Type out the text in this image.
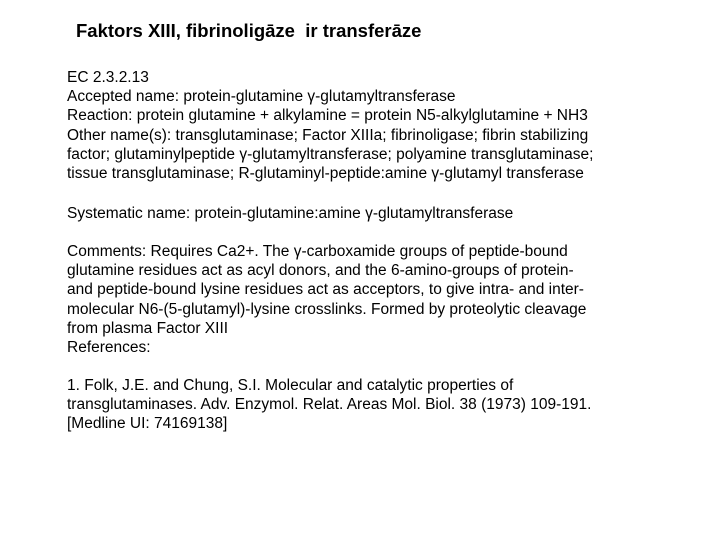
Faktors XIII, fibrinoligāze  ir transferāze
EC 2.3.2.13
Accepted name: protein-glutamine γ-glutamyltransferase
Reaction: protein glutamine + alkylamine = protein N5-alkylglutamine + NH3
Other name(s): transglutaminase; Factor XIIIa; fibrinoligase; fibrin stabilizing
factor; glutaminylpeptide γ-glutamyltransferase; polyamine transglutaminase;
tissue transglutaminase; R-glutaminyl-peptide:amine γ-glutamyl transferase
Systematic name: protein-glutamine:amine γ-glutamyltransferase
Comments: Requires Ca2+. The γ-carboxamide groups of peptide-bound
glutamine residues act as acyl donors, and the 6-amino-groups of protein-
and peptide-bound lysine residues act as acceptors, to give intra- and inter-
molecular N6-(5-glutamyl)-lysine crosslinks. Formed by proteolytic cleavage
from plasma Factor XIII
References:
1. Folk, J.E. and Chung, S.I. Molecular and catalytic properties of
transglutaminases. Adv. Enzymol. Relat. Areas Mol. Biol. 38 (1973) 109-191.
[Medline UI: 74169138]
